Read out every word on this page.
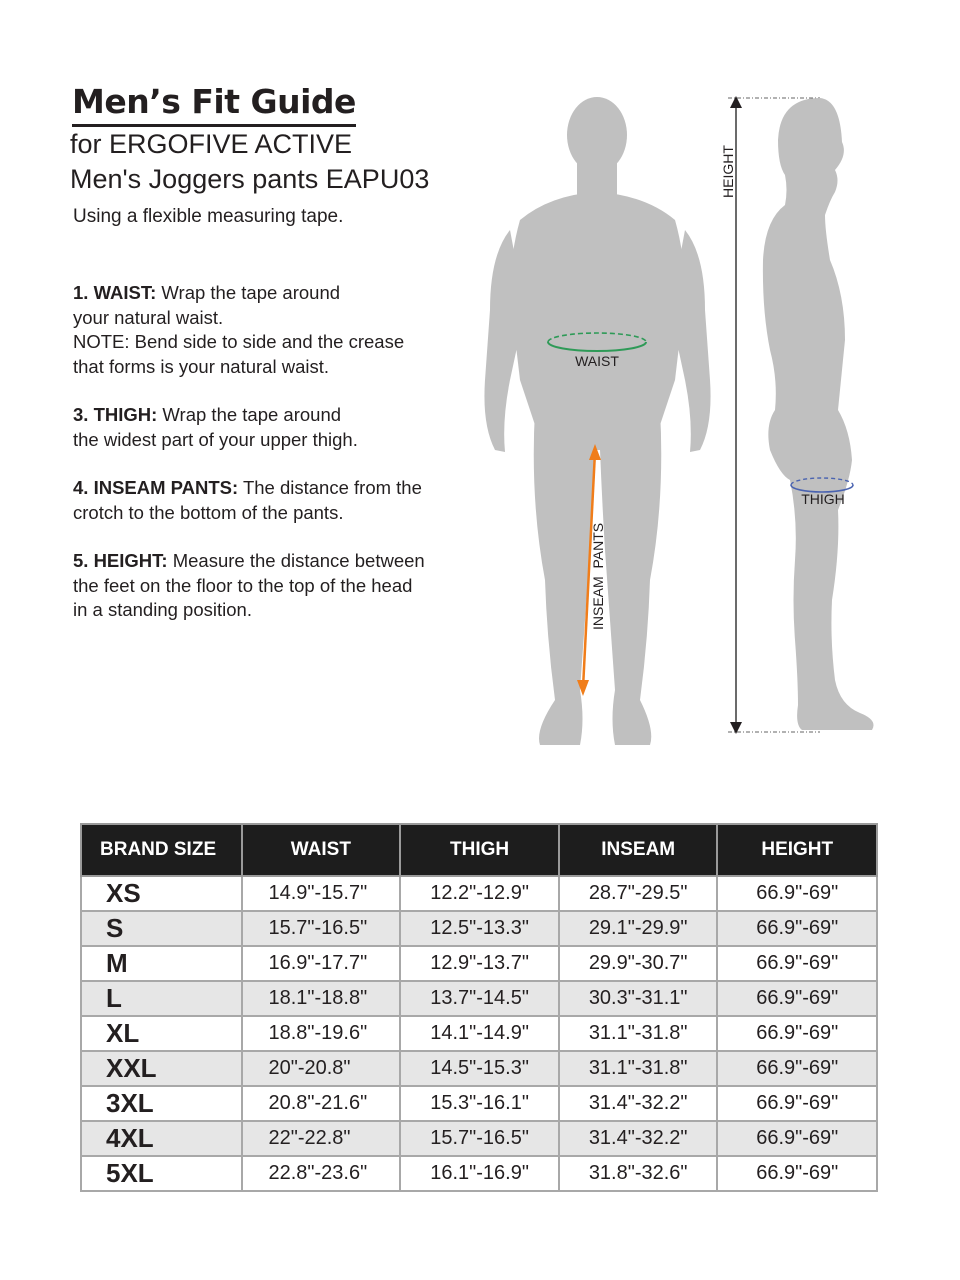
Men’s Fit Guide
for ERGOFIVE ACTIVE
Men's Joggers pants EAPU03
Using a flexible measuring tape.
1. WAIST: Wrap the tape around
your natural waist.
NOTE: Bend side to side and the crease
that forms is your natural waist.
3. THIGH: Wrap the tape around
the widest part of your upper thigh.
4. INSEAM PANTS: The distance from the
crotch to the bottom of the pants.
5. HEIGHT: Measure the distance between
the feet on the floor to the top of the head
in a standing position.
WAIST
INSEAM  PANTS
HEIGHT
THIGH
BRAND SIZE	WAIST	THIGH	INSEAM	HEIGHT
XS	14.9"-15.7"	12.2"-12.9"	28.7"-29.5"	66.9"-69"
S	15.7"-16.5"	12.5"-13.3"	29.1"-29.9"	66.9"-69"
M	16.9"-17.7"	12.9"-13.7"	29.9"-30.7"	66.9"-69"
L	18.1"-18.8"	13.7"-14.5"	30.3"-31.1"	66.9"-69"
XL	18.8"-19.6"	14.1"-14.9"	31.1"-31.8"	66.9"-69"
XXL	20"-20.8"	14.5"-15.3"	31.1"-31.8"	66.9"-69"
3XL	20.8"-21.6"	15.3"-16.1"	31.4"-32.2"	66.9"-69"
4XL	22"-22.8"	15.7"-16.5"	31.4"-32.2"	66.9"-69"
5XL	22.8"-23.6"	16.1"-16.9"	31.8"-32.6"	66.9"-69"
